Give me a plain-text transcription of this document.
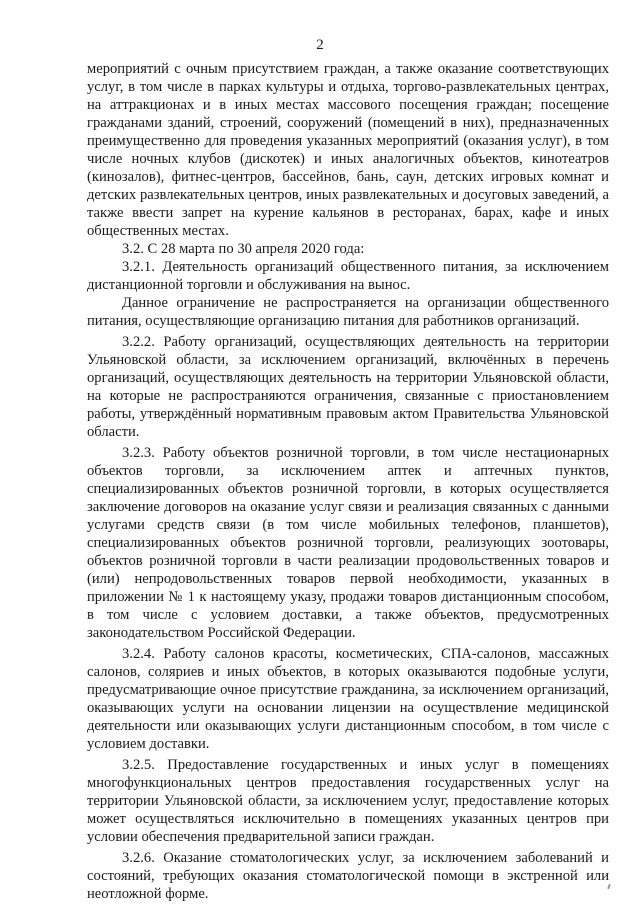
2

мероприятий с очным присутствием граждан, а также оказание соответствующих услуг, в том числе в парках культуры и отдыха, торгово-развлекательных центрах, на аттракционах и в иных местах массового посещения граждан; посещение гражданами зданий, строений, сооружений (помещений в них), предназначенных преимущественно для проведения указанных мероприятий (оказания услуг), в том числе ночных клубов (дискотек) и иных аналогичных объектов, кинотеатров (кинозалов), фитнес-центров, бассейнов, бань, саун, детских игровых комнат и детских развлекательных центров, иных развлекательных и досуговых заведений, а также ввести запрет на курение кальянов в ресторанах, барах, кафе и иных общественных местах.

3.2. С 28 марта по 30 апреля 2020 года:

3.2.1. Деятельность организаций общественного питания, за исключением дистанционной торговли и обслуживания на вынос.

Данное ограничение не распространяется на организации общественного питания, осуществляющие организацию питания для работников организаций.

3.2.2. Работу организаций, осуществляющих деятельность на территории Ульяновской области, за исключением организаций, включённых в перечень организаций, осуществляющих деятельность на территории Ульяновской области, на которые не распространяются ограничения, связанные с приостановлением работы, утверждённый нормативным правовым актом Правительства Ульяновской области.

3.2.3. Работу объектов розничной торговли, в том числе нестационарных объектов торговли, за исключением аптек и аптечных пунктов, специализированных объектов розничной торговли, в которых осуществляется заключение договоров на оказание услуг связи и реализация связанных с данными услугами средств связи (в том числе мобильных телефонов, планшетов), специализированных объектов розничной торговли, реализующих зоотовары, объектов розничной торговли в части реализации продовольственных товаров и (или) непродовольственных товаров первой необходимости, указанных в приложении № 1 к настоящему указу, продажи товаров дистанционным способом, в том числе с условием доставки, а также объектов, предусмотренных законодательством Российской Федерации.

3.2.4. Работу салонов красоты, косметических, СПА-салонов, массажных салонов, соляриев и иных объектов, в которых оказываются подобные услуги, предусматривающие очное присутствие гражданина, за исключением организаций, оказывающих услуги на основании лицензии на осуществление медицинской деятельности или оказывающих услуги дистанционным способом, в том числе с условием доставки.

3.2.5. Предоставление государственных и иных услуг в помещениях многофункциональных центров предоставления государственных услуг на территории Ульяновской области, за исключением услуг, предоставление которых может осуществляться исключительно в помещениях указанных центров при условии обеспечения предварительной записи граждан.

3.2.6. Оказание стоматологических услуг, за исключением заболеваний и состояний, требующих оказания стоматологической помощи в экстренной или неотложной форме.
